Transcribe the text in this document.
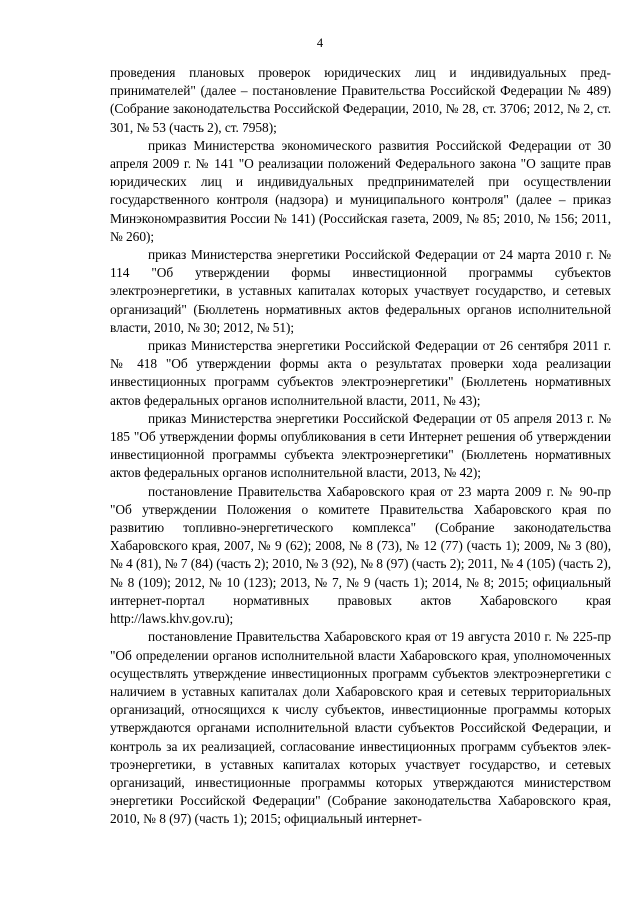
4

проведения плановых проверок юридических лиц и индивидуальных предпринимателей" (далее – постановление Правительства Российской Федерации № 489) (Собрание законодательства Российской Федерации, 2010, № 28, ст. 3706; 2012, № 2, ст. 301, № 53 (часть 2), ст. 7958);

приказ Министерства экономического развития Российской Федерации от 30 апреля 2009 г. № 141 "О реализации положений Федерального закона "О защите прав юридических лиц и индивидуальных предпринимателей при осуществлении государственного контроля (надзора) и муниципального контроля" (далее – приказ Минэкономразвития России № 141) (Российская газета, 2009, № 85; 2010, № 156; 2011, № 260);

приказ Министерства энергетики Российской Федерации от 24 марта 2010 г. № 114 "Об утверждении формы инвестиционной программы субъектов электроэнергетики, в уставных капиталах которых участвует государство, и сетевых организаций" (Бюллетень нормативных актов федеральных органов исполнительной власти, 2010, № 30; 2012, № 51);

приказ Министерства энергетики Российской Федерации от 26 сентября 2011 г. № 418 "Об утверждении формы акта о результатах проверки хода реализации инвестиционных программ субъектов электроэнергетики" (Бюллетень нормативных актов федеральных органов исполнительной власти, 2011, № 43);

приказ Министерства энергетики Российской Федерации от 05 апреля 2013 г. № 185 "Об утверждении формы опубликования в сети Интернет решения об утверждении инвестиционной программы субъекта электроэнергетики" (Бюллетень нормативных актов федеральных органов исполнительной власти, 2013, № 42);

постановление Правительства Хабаровского края от 23 марта 2009 г. № 90-пр "Об утверждении Положения о комитете Правительства Хабаровского края по развитию топливно-энергетического комплекса" (Собрание законодательства Хабаровского края, 2007, № 9 (62); 2008, № 8 (73), № 12 (77) (часть 1); 2009, № 3 (80), № 4 (81), № 7 (84) (часть 2); 2010, № 3 (92), № 8 (97) (часть 2); 2011, № 4 (105) (часть 2), № 8 (109); 2012, № 10 (123); 2013, № 7, № 9 (часть 1); 2014, № 8; 2015; официальный интернет-портал нормативных правовых актов Хабаровского края http://laws.khv.gov.ru);

постановление Правительства Хабаровского края от 19 августа 2010 г. № 225-пр "Об определении органов исполнительной власти Хабаровского края, уполномоченных осуществлять утверждение инвестиционных программ субъектов электроэнергетики с наличием в уставных капиталах доли Хабаровского края и сетевых территориальных организаций, относящихся к числу субъектов, инвестиционные программы которых утверждаются органами исполнительной власти субъектов Российской Федерации, и контроль за их реализацией, согласование инвестиционных программ субъектов электроэнергетики, в уставных капиталах которых участвует государство, и сетевых организаций, инвестиционные программы которых утверждаются министерством энергетики Российской Федерации" (Собрание законодательства Хабаровского края, 2010, № 8 (97) (часть 1); 2015; официальный интернет-
